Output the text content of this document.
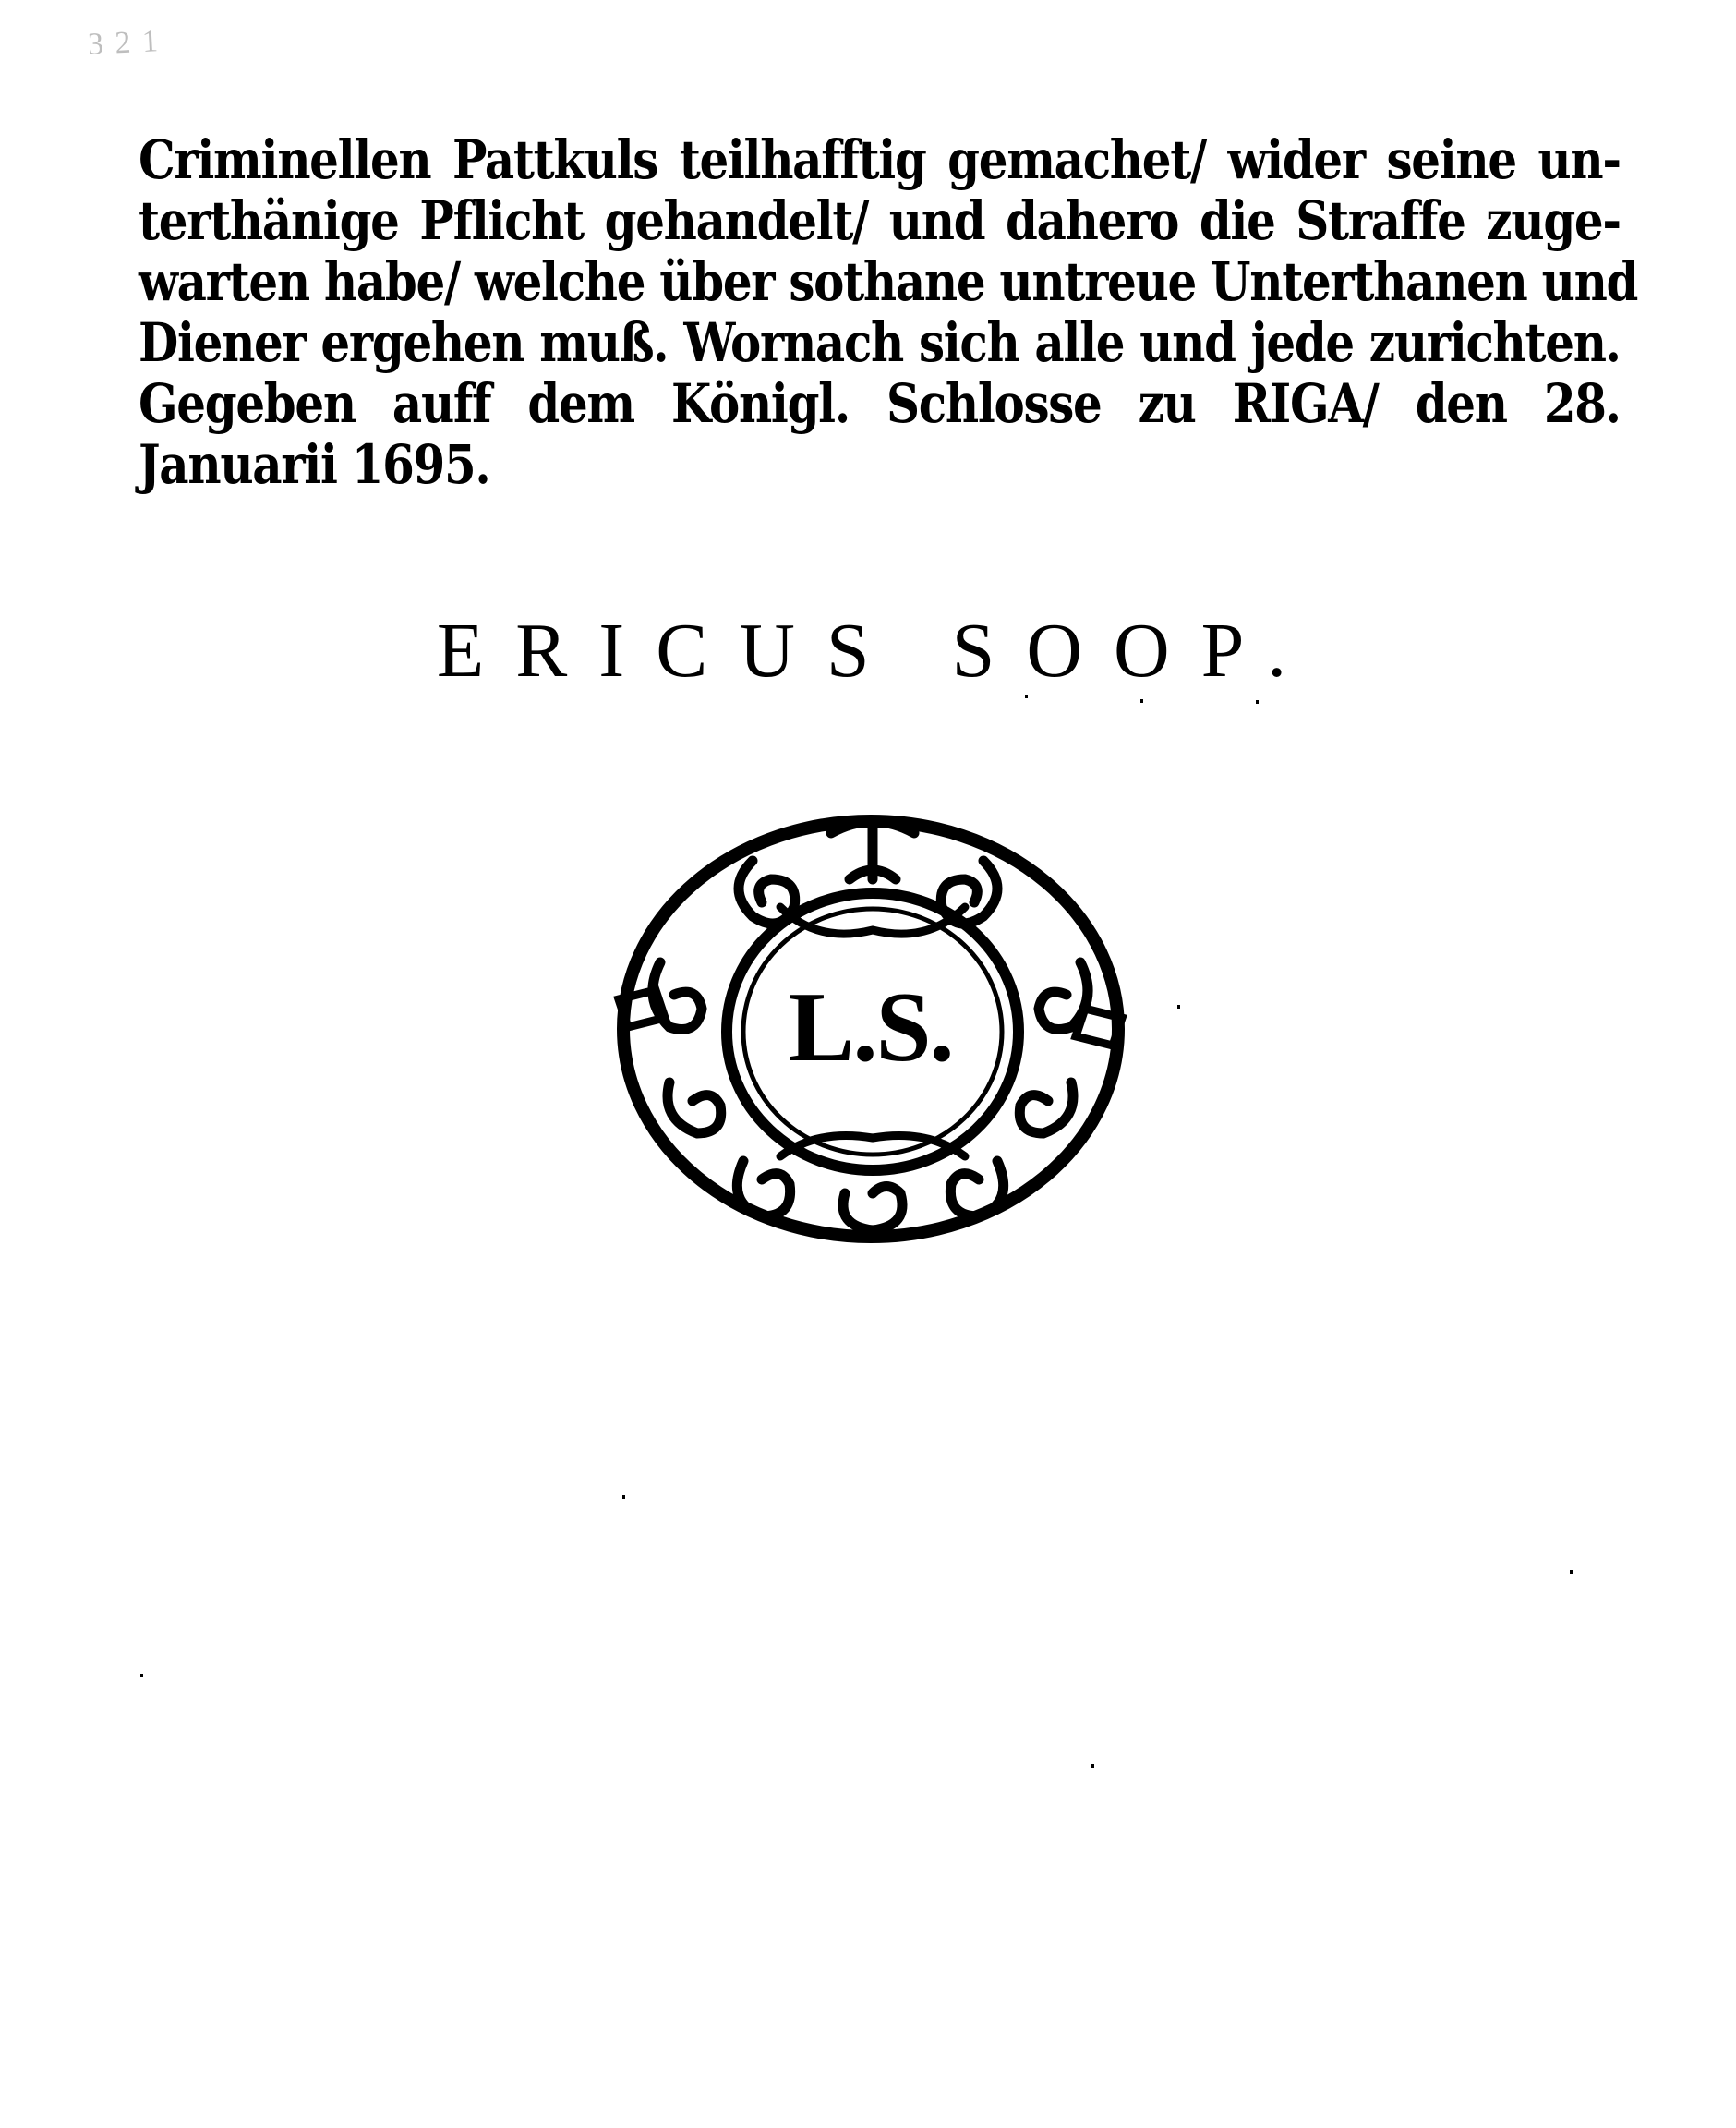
3 2 1
Criminellen Pattkuls teilhafftig gemachet/ wider seine un-
terthänige Pflicht gehandelt/ und dahero die Straffe zuge-
warten habe/ welche über sothane untreue Unterthanen und
Diener ergehen muß. Wornach sich alle und jede zurichten.
Gegeben auff dem Königl. Schlosse zu RIGA/ den 28.
Januarii 1695.
ERICUS SOOP.
L.S.
